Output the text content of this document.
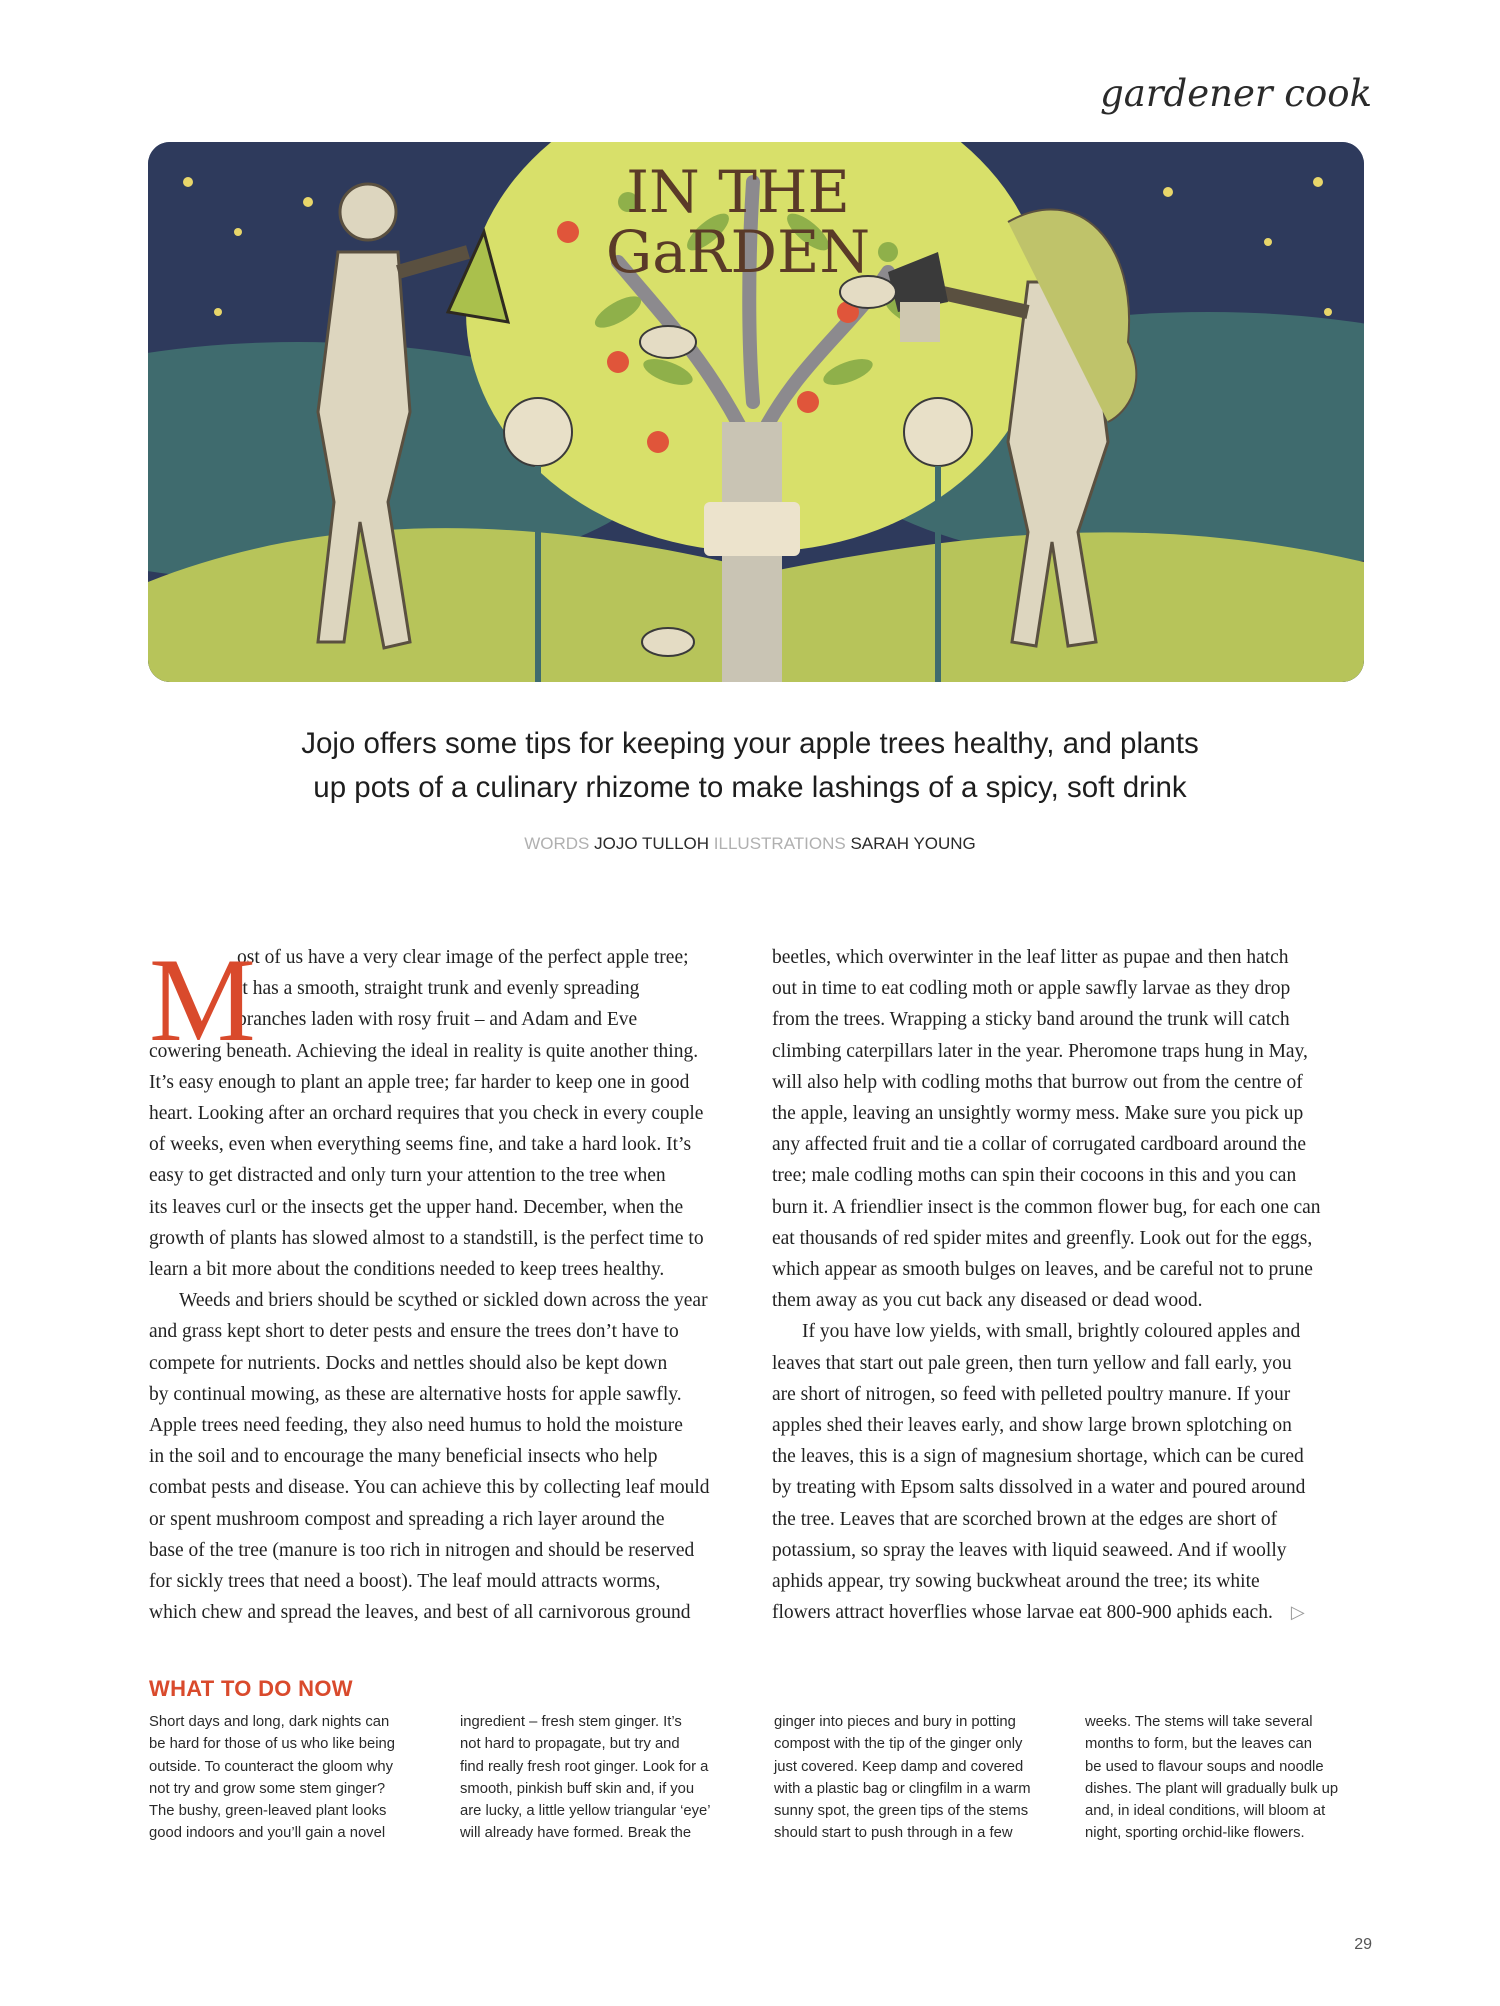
gardener cook
IN THE
GaRDEN
Jojo offers some tips for keeping your apple trees healthy, and plants
up pots of a culinary rhizome to make lashings of a spicy, soft drink
WORDS JOJO TULLOH ILLUSTRATIONS SARAH YOUNG
M
ost of us have a very clear image of the perfect apple tree;
it has a smooth, straight trunk and evenly spreading
branches laden with rosy fruit – and Adam and Eve
cowering beneath. Achieving the ideal in reality is quite another thing.
It’s easy enough to plant an apple tree; far harder to keep one in good
heart. Looking after an orchard requires that you check in every couple
of weeks, even when everything seems fine, and take a hard look. It’s
easy to get distracted and only turn your attention to the tree when
its leaves curl or the insects get the upper hand. December, when the
growth of plants has slowed almost to a standstill, is the perfect time to
learn a bit more about the conditions needed to keep trees healthy.
Weeds and briers should be scythed or sickled down across the year
and grass kept short to deter pests and ensure the trees don’t have to
compete for nutrients. Docks and nettles should also be kept down
by continual mowing, as these are alternative hosts for apple sawfly.
Apple trees need feeding, they also need humus to hold the moisture
in the soil and to encourage the many beneficial insects who help
combat pests and disease. You can achieve this by collecting leaf mould
or spent mushroom compost and spreading a rich layer around the
base of the tree (manure is too rich in nitrogen and should be reserved
for sickly trees that need a boost). The leaf mould attracts worms,
which chew and spread the leaves, and best of all carnivorous ground
beetles, which overwinter in the leaf litter as pupae and then hatch
out in time to eat codling moth or apple sawfly larvae as they drop
from the trees. Wrapping a sticky band around the trunk will catch
climbing caterpillars later in the year. Pheromone traps hung in May,
will also help with codling moths that burrow out from the centre of
the apple, leaving an unsightly wormy mess. Make sure you pick up
any affected fruit and tie a collar of corrugated cardboard around the
tree; male codling moths can spin their cocoons in this and you can
burn it. A friendlier insect is the common flower bug, for each one can
eat thousands of red spider mites and greenfly. Look out for the eggs,
which appear as smooth bulges on leaves, and be careful not to prune
them away as you cut back any diseased or dead wood.
If you have low yields, with small, brightly coloured apples and
leaves that start out pale green, then turn yellow and fall early, you
are short of nitrogen, so feed with pelleted poultry manure. If your
apples shed their leaves early, and show large brown splotching on
the leaves, this is a sign of magnesium shortage, which can be cured
by treating with Epsom salts dissolved in a water and poured around
the tree. Leaves that are scorched brown at the edges are short of
potassium, so spray the leaves with liquid seaweed. And if woolly
aphids appear, try sowing buckwheat around the tree; its white
flowers attract hoverflies whose larvae eat 800-900 aphids each. ▷
WHAT TO DO NOW
Short days and long, dark nights can
be hard for those of us who like being
outside. To counteract the gloom why
not try and grow some stem ginger?
The bushy, green-leaved plant looks
good indoors and you’ll gain a novel
ingredient – fresh stem ginger. It’s
not hard to propagate, but try and
find really fresh root ginger. Look for a
smooth, pinkish buff skin and, if you
are lucky, a little yellow triangular ‘eye’
will already have formed. Break the
ginger into pieces and bury in potting
compost with the tip of the ginger only
just covered. Keep damp and covered
with a plastic bag or clingfilm in a warm
sunny spot, the green tips of the stems
should start to push through in a few
weeks. The stems will take several
months to form, but the leaves can
be used to flavour soups and noodle
dishes. The plant will gradually bulk up
and, in ideal conditions, will bloom at
night, sporting orchid-like flowers.
29
